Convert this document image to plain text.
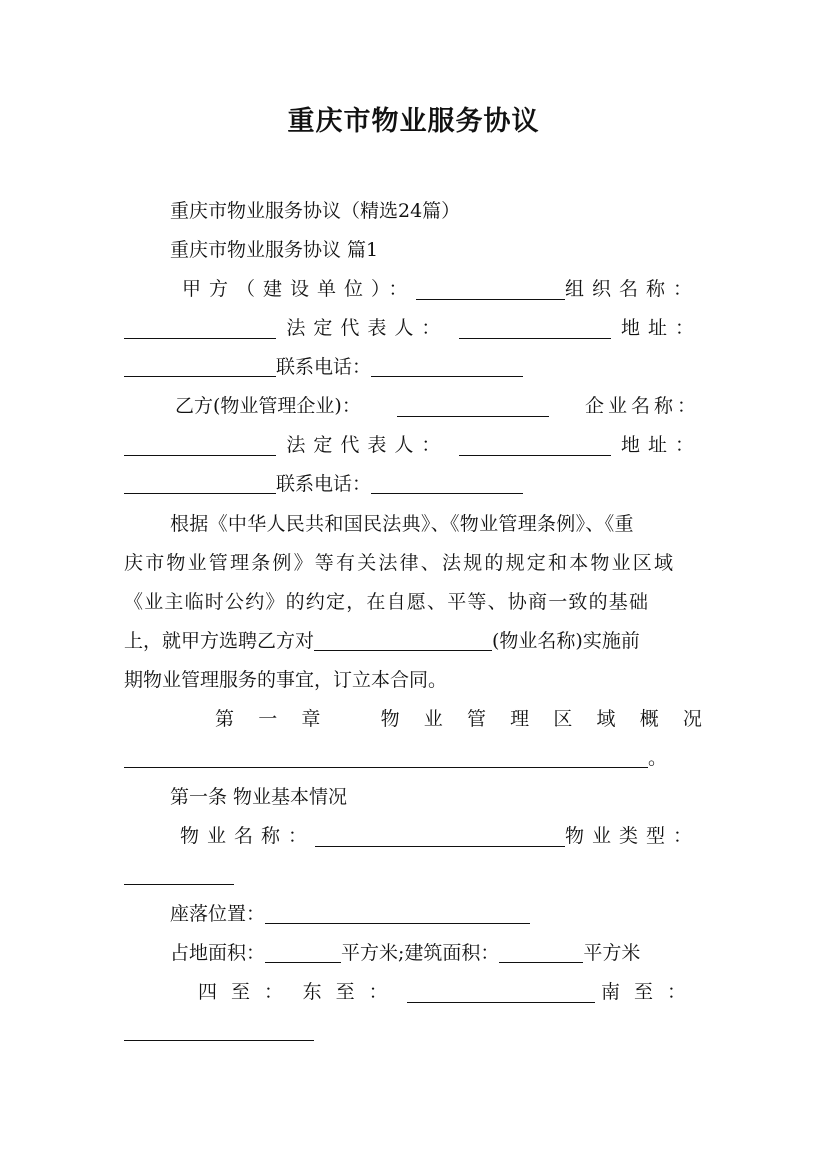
重庆市物业服务协议
重庆市物业服务协议（精选24篇）
重庆市物业服务协议 篇1
甲方（建设单位）：	组织名称：
法定代表人：	地址：
联系电话：
乙方(物业管理企业)：	企业名称：
法定代表人：	地址：
联系电话：
根据《中华人民共和国民法典》、《物业管理条例》、《重
庆市物业管理条例》等有关法律、法规的规定和本物业区域
《业主临时公约》的约定，在自愿、平等、协商一致的基础
上，就甲方选聘乙方对	(物业名称)实施前
期物业管理服务的事宜，订立本合同。
第 一 章	物 业 管 理 区 域 概 况
。
第一条 物业基本情况
物业名称：	物业类型：
座落位置：
占地面积：	平方米;建筑面积：	平方米
四至： 东至：	南至：
